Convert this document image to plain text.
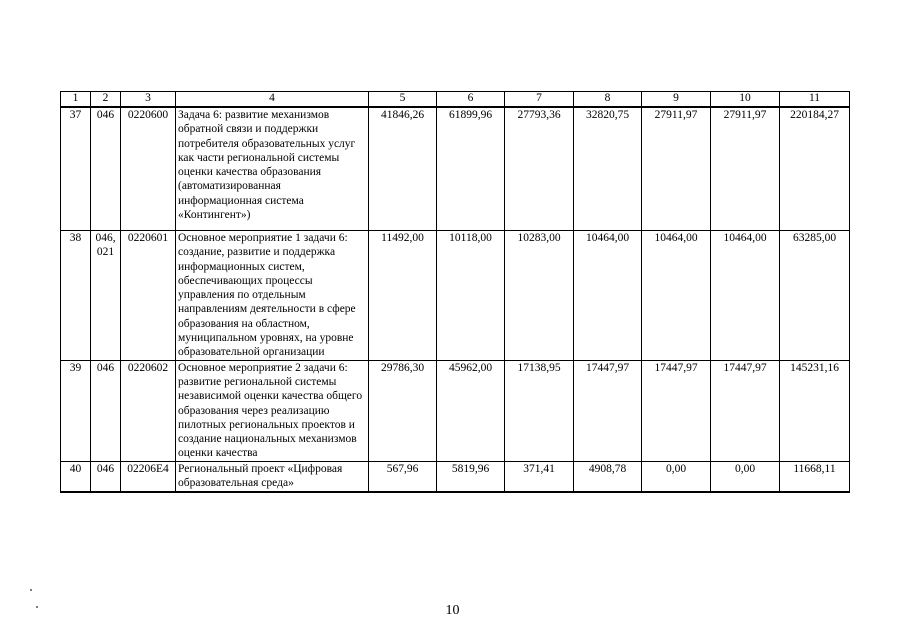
1	2	3	4	5	6	7	8	9	10	11
37	046	0220600	Задача 6: развитие механизмов обратной связи и поддержки потребителя образовательных услуг как части региональной системы оценки качества образования (автоматизированная информационная система «Контингент»)	41846,26	61899,96	27793,36	32820,75	27911,97	27911,97	220184,27
38	046, 021	0220601	Основное мероприятие 1 задачи 6: создание, развитие и поддержка информационных систем, обеспечивающих процессы управления по отдельным направлениям деятельности в сфере образования на областном, муниципальном уровнях, на уровне образовательной организации	11492,00	10118,00	10283,00	10464,00	10464,00	10464,00	63285,00
39	046	0220602	Основное мероприятие 2 задачи 6: развитие региональной системы независимой оценки качества общего образования через реализацию пилотных региональных проектов и создание национальных механизмов оценки качества	29786,30	45962,00	17138,95	17447,97	17447,97	17447,97	145231,16
40	046	02206E4	Региональный проект «Цифровая образовательная среда»	567,96	5819,96	371,41	4908,78	0,00	0,00	11668,11
10
